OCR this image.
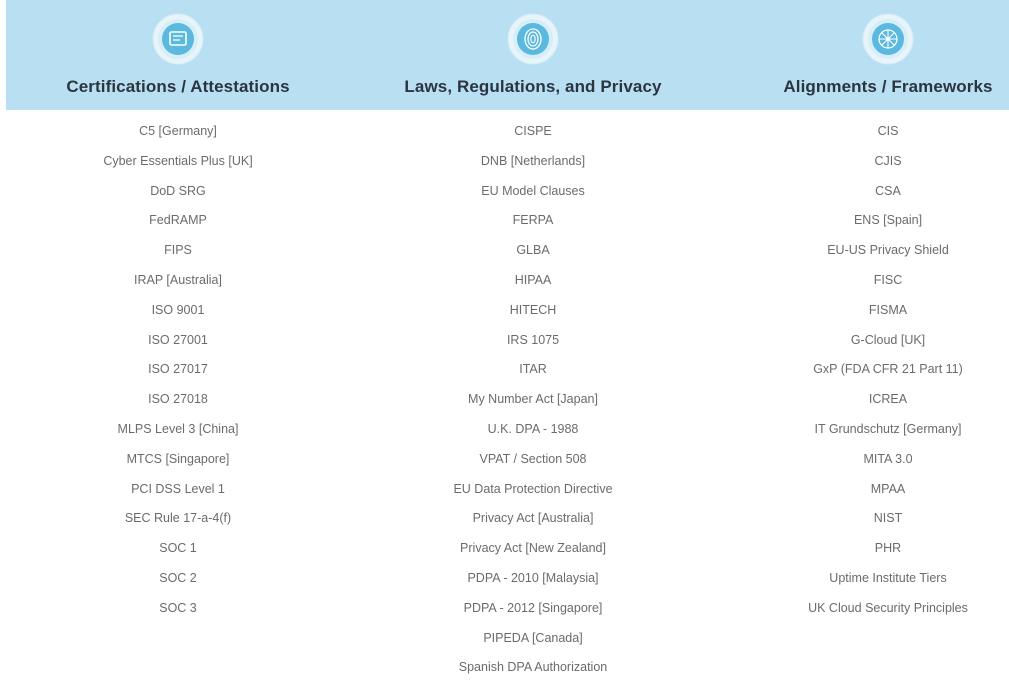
Certifications / Attestations	Laws, Regulations, and Privacy	Alignments / Frameworks
C5 [Germany]
Cyber Essentials Plus [UK]
DoD SRG
FedRAMP
FIPS
IRAP [Australia]
ISO 9001
ISO 27001
ISO 27017
ISO 27018
MLPS Level 3 [China]
MTCS [Singapore]
PCI DSS Level 1
SEC Rule 17-a-4(f)
SOC 1
SOC 2
SOC 3
CISPE
DNB [Netherlands]
EU Model Clauses
FERPA
GLBA
HIPAA
HITECH
IRS 1075
ITAR
My Number Act [Japan]
U.K. DPA - 1988
VPAT / Section 508
EU Data Protection Directive
Privacy Act [Australia]
Privacy Act [New Zealand]
PDPA - 2010 [Malaysia]
PDPA - 2012 [Singapore]
PIPEDA [Canada]
Spanish DPA Authorization
CIS
CJIS
CSA
ENS [Spain]
EU-US Privacy Shield
FISC
FISMA
G-Cloud [UK]
GxP (FDA CFR 21 Part 11)
ICREA
IT Grundschutz [Germany]
MITA 3.0
MPAA
NIST
PHR
Uptime Institute Tiers
UK Cloud Security Principles
